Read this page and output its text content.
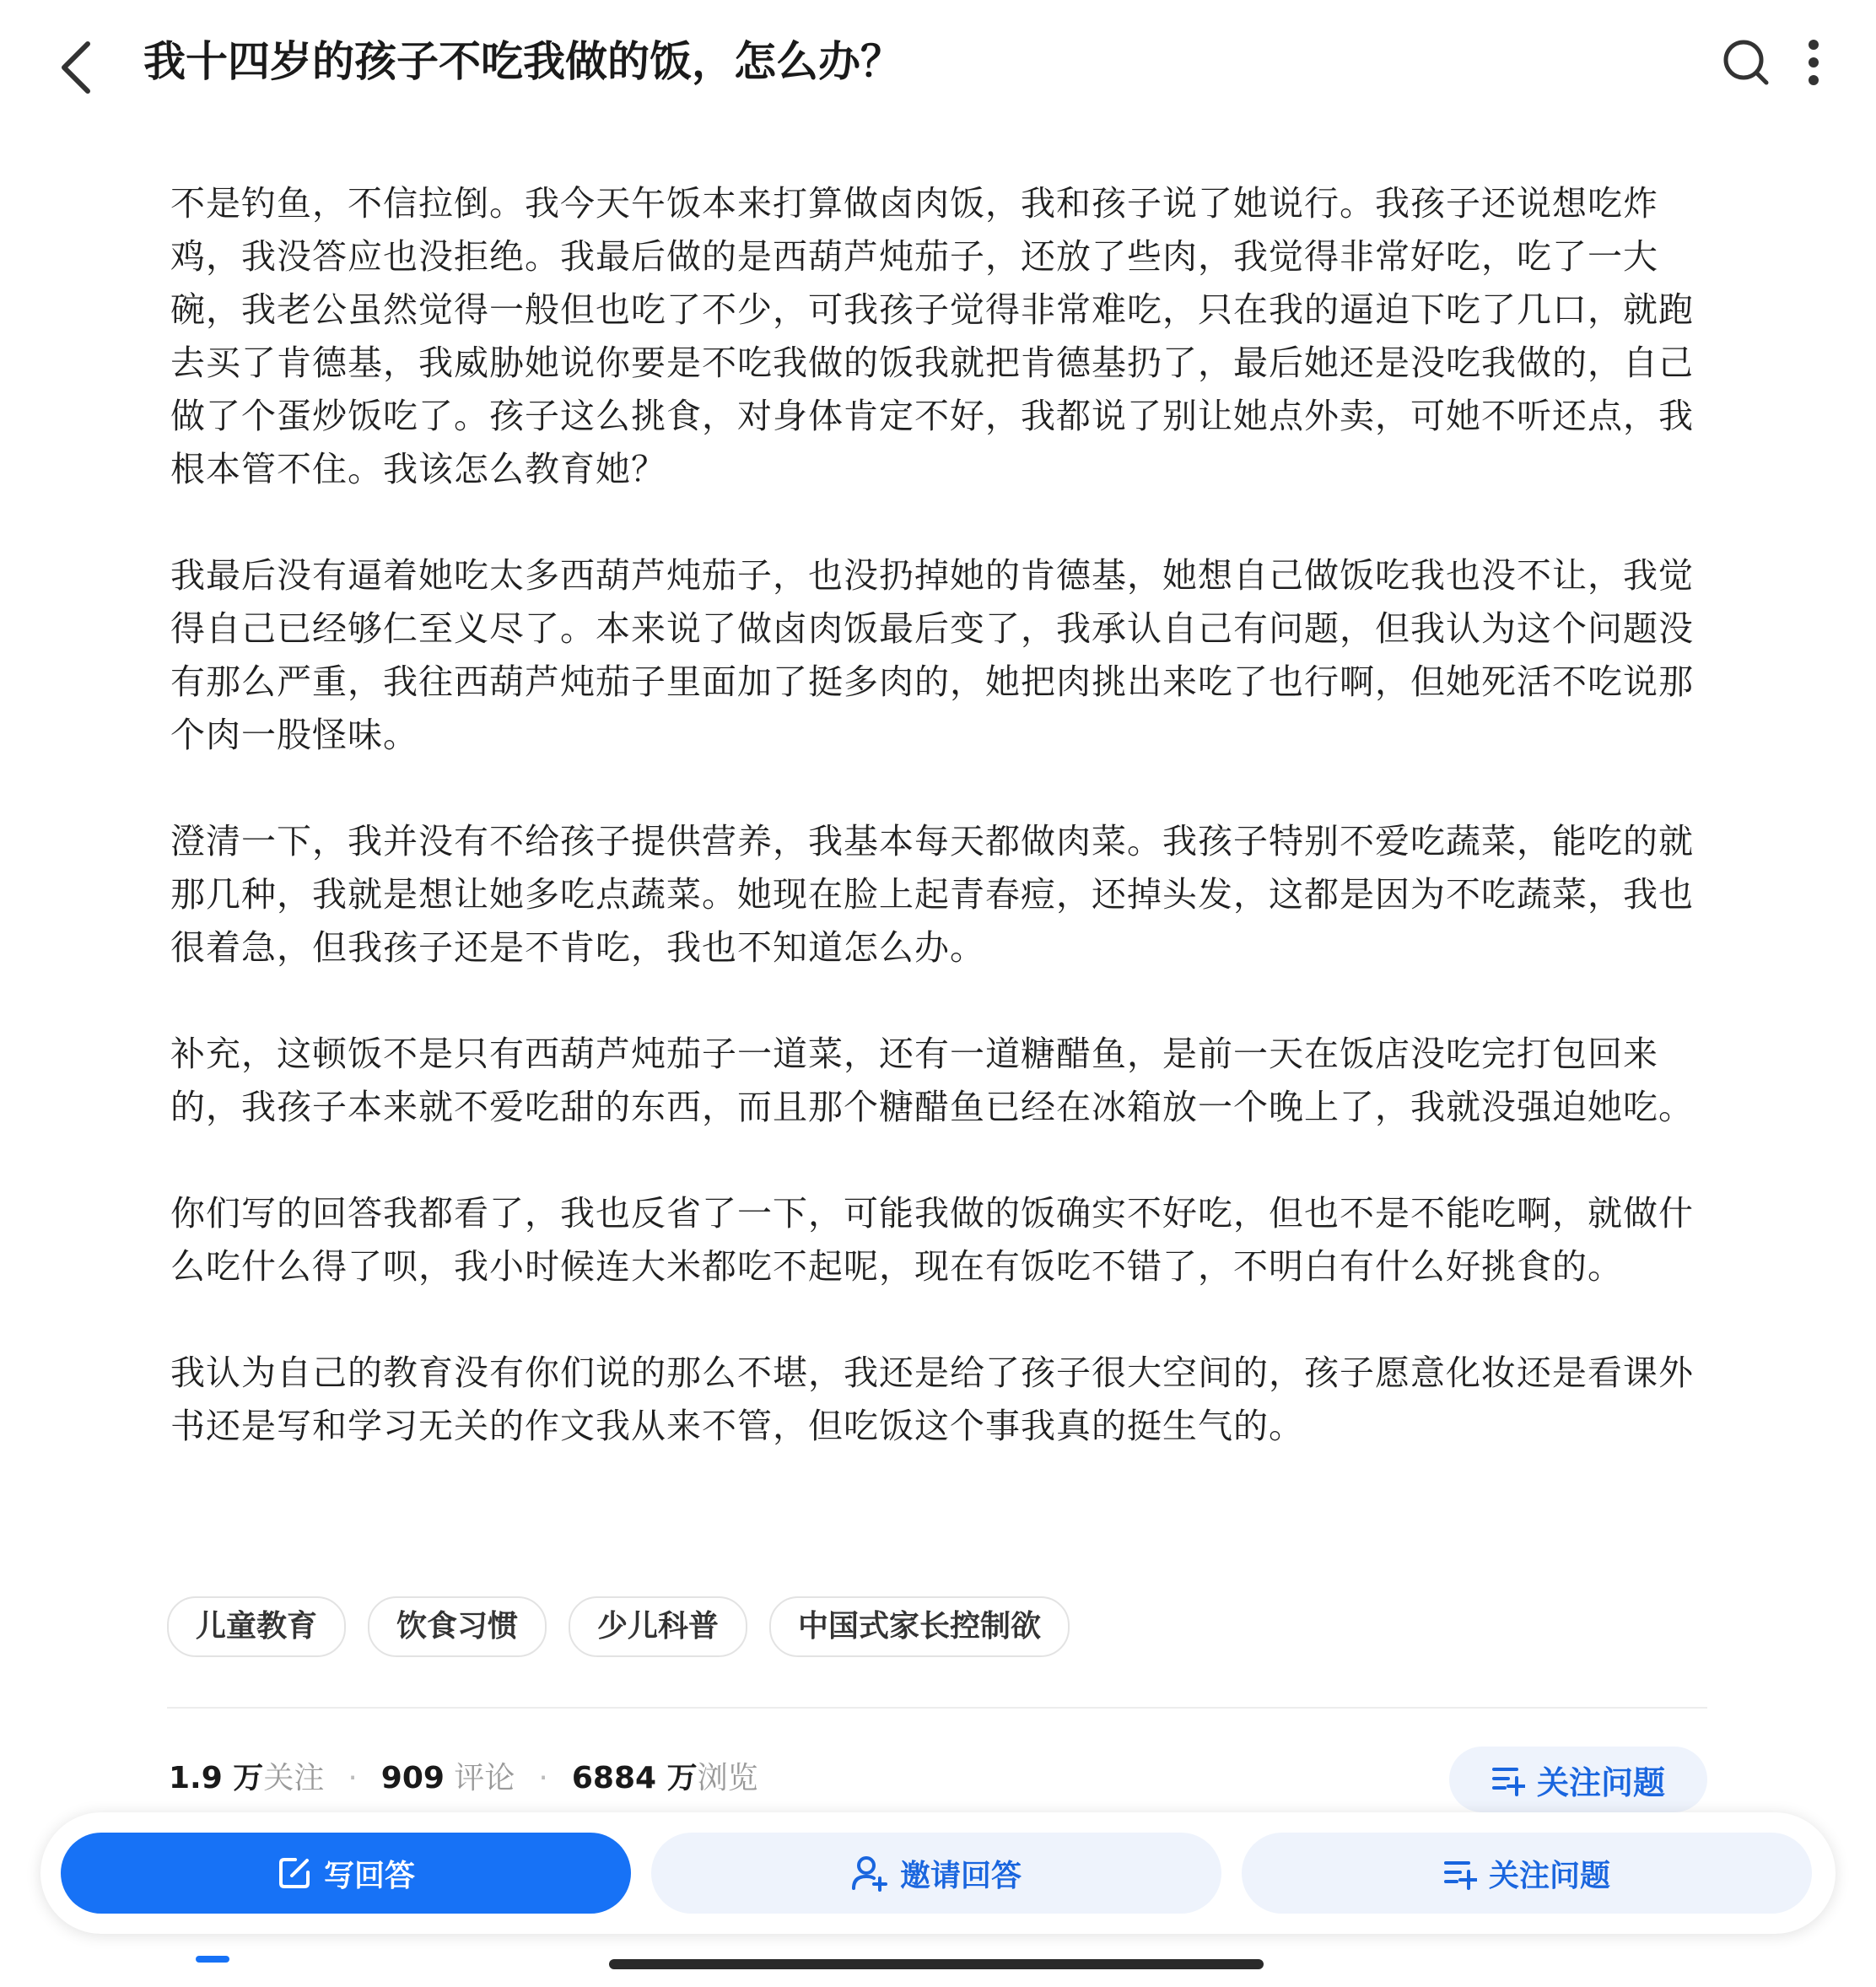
我十四岁的孩子不吃我做的饭，怎么办？

不是钓鱼，不信拉倒。我今天午饭本来打算做卤肉饭，我和孩子说了她说行。我孩子还说想吃炸鸡，我没答应也没拒绝。我最后做的是西葫芦炖茄子，还放了些肉，我觉得非常好吃，吃了一大碗，我老公虽然觉得一般但也吃了不少，可我孩子觉得非常难吃，只在我的逼迫下吃了几口，就跑去买了肯德基，我威胁她说你要是不吃我做的饭我就把肯德基扔了，最后她还是没吃我做的，自己做了个蛋炒饭吃了。孩子这么挑食，对身体肯定不好，我都说了别让她点外卖，可她不听还点，我根本管不住。我该怎么教育她？

我最后没有逼着她吃太多西葫芦炖茄子，也没扔掉她的肯德基，她想自己做饭吃我也没不让，我觉得自己已经够仁至义尽了。本来说了做卤肉饭最后变了，我承认自己有问题，但我认为这个问题没有那么严重，我往西葫芦炖茄子里面加了挺多肉的，她把肉挑出来吃了也行啊，但她死活不吃说那个肉一股怪味。

澄清一下，我并没有不给孩子提供营养，我基本每天都做肉菜。我孩子特别不爱吃蔬菜，能吃的就那几种，我就是想让她多吃点蔬菜。她现在脸上起青春痘，还掉头发，这都是因为不吃蔬菜，我也很着急，但我孩子还是不肯吃，我也不知道怎么办。

补充，这顿饭不是只有西葫芦炖茄子一道菜，还有一道糖醋鱼，是前一天在饭店没吃完打包回来的，我孩子本来就不爱吃甜的东西，而且那个糖醋鱼已经在冰箱放一个晚上了，我就没强迫她吃。

你们写的回答我都看了，我也反省了一下，可能我做的饭确实不好吃，但也不是不能吃啊，就做什么吃什么得了呗，我小时候连大米都吃不起呢，现在有饭吃不错了，不明白有什么好挑食的。

我认为自己的教育没有你们说的那么不堪，我还是给了孩子很大空间的，孩子愿意化妆还是看课外书还是写和学习无关的作文我从来不管，但吃饭这个事我真的挺生气的。

儿童教育	饮食习惯	少儿科普	中国式家长控制欲
1.9 万关注 · 909 评论 · 6884 万浏览	关注问题
写回答	邀请回答	关注问题
